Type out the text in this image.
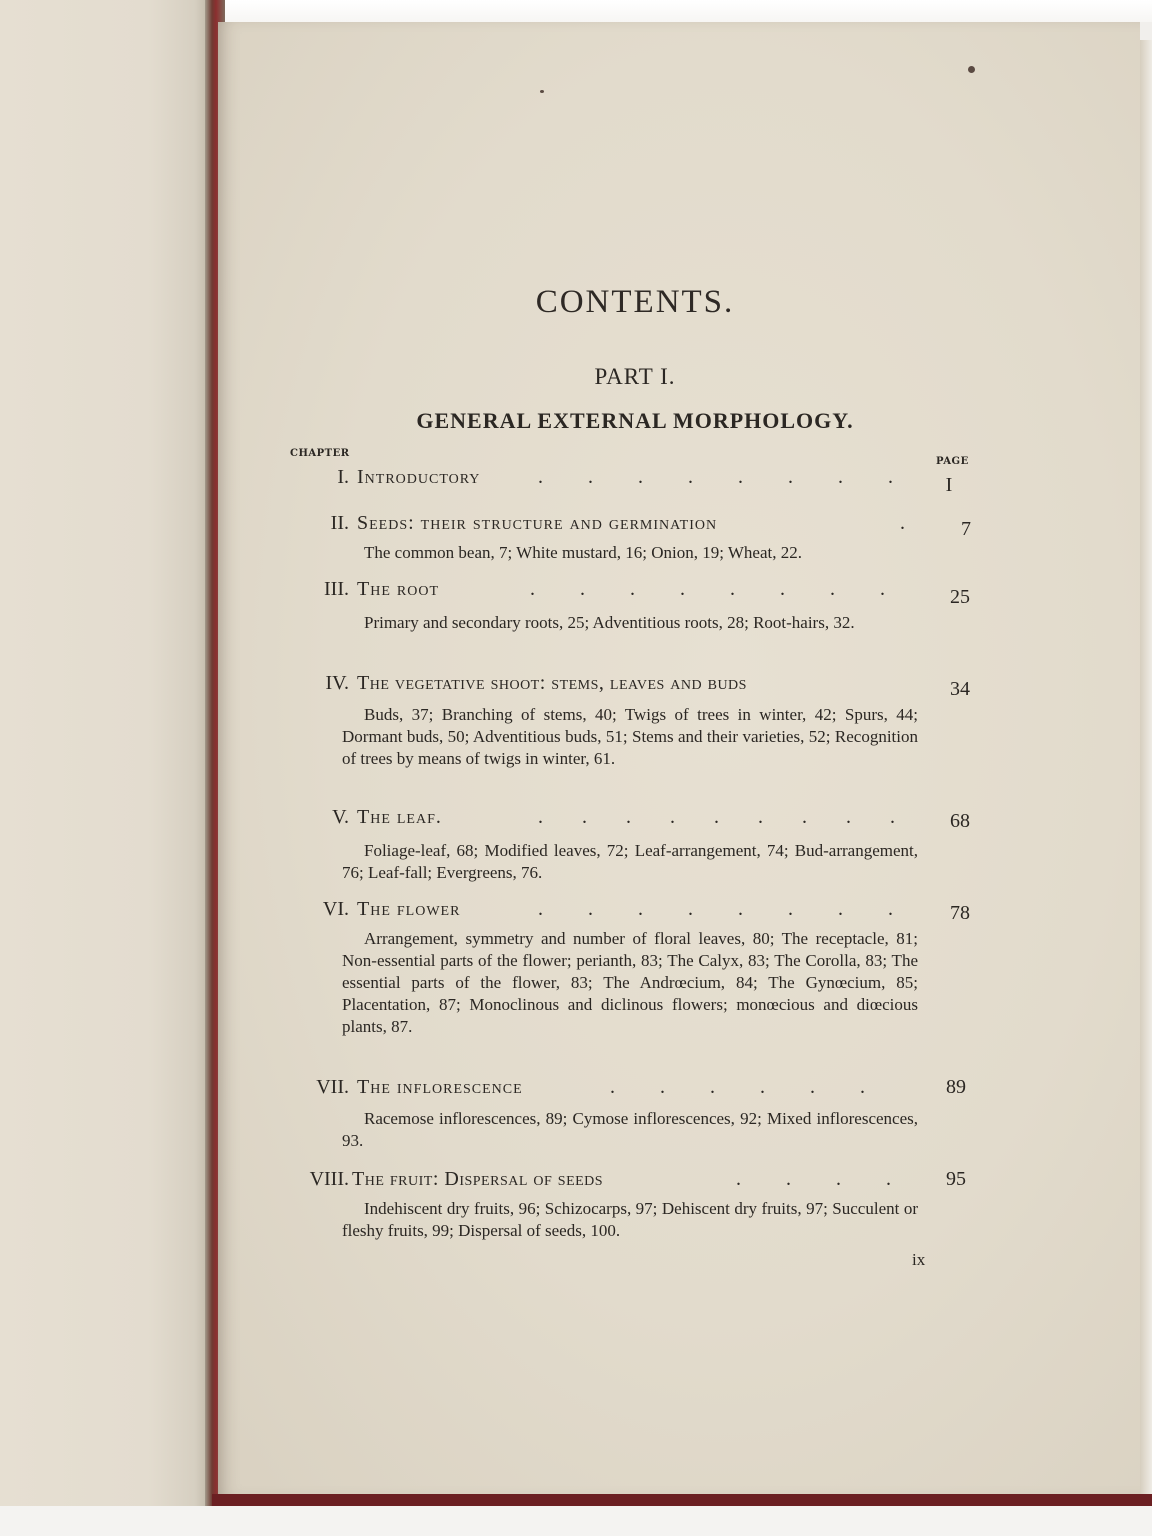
CONTENTS.
PART I.
GENERAL EXTERNAL MORPHOLOGY.
CHAPTER
PAGE
I. Introductory	. . . . . . . .	I
II. Seeds: their structure and germination	.	7
The common bean, 7; White mustard, 16; Onion, 19; Wheat, 22.
III. The root	. . . . . . . .	25
Primary and secondary roots, 25; Adventitious roots, 28; Root-hairs, 32.
IV. The vegetative shoot: stems, leaves and buds	34
Buds, 37; Branching of stems, 40; Twigs of trees in winter, 42; Spurs, 44; Dormant buds, 50; Adventitious buds, 51; Stems and their varieties, 52; Recognition of trees by means of twigs in winter, 61.
V. The leaf.	. . . . . . . . .	68
Foliage-leaf, 68; Modified leaves, 72; Leaf-arrangement, 74; Bud-arrangement, 76; Leaf-fall; Evergreens, 76.
VI. The flower	. . . . . . . .	78
Arrangement, symmetry and number of floral leaves, 80; The receptacle, 81; Non-essential parts of the flower; perianth, 83; The Calyx, 83; The Corolla, 83; The essential parts of the flower, 83; The Andrœcium, 84; The Gynœcium, 85; Placentation, 87; Monoclinous and diclinous flowers; monœcious and diœcious plants, 87.
VII. The inflorescence	. . . . . .	89
Racemose inflorescences, 89; Cymose inflorescences, 92; Mixed inflorescences, 93.
VIII. The fruit: Dispersal of seeds	. . . .	95
Indehiscent dry fruits, 96; Schizocarps, 97; Dehiscent dry fruits, 97; Succulent or fleshy fruits, 99; Dispersal of seeds, 100.
ix
